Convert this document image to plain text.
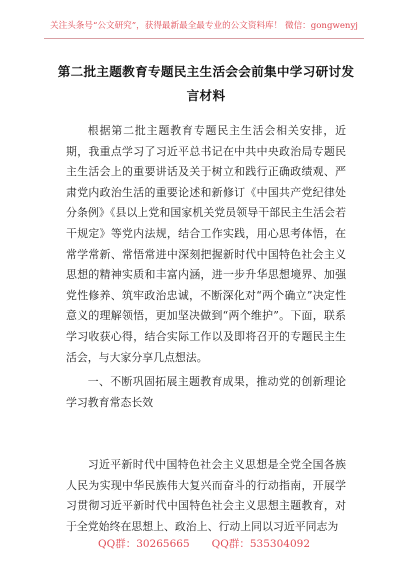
关注头条号“公文研究”，获得最新最全最专业的公文资料库！ 微信：gongwenyj
第二批主题教育专题民主生活会会前集中学习研讨发言材料

根据第二批主题教育专题民主生活会相关安排，近期，我重点学习了习近平总书记在中共中央政治局专题民主生活会上的重要讲话及关于树立和践行正确政绩观、严肃党内政治生活的重要论述和新修订《中国共产党纪律处分条例》《县以上党和国家机关党员领导干部民主生活会若干规定》等党内法规，结合工作实践，用心思考体悟，在常学常新、常悟常进中深刻把握新时代中国特色社会主义思想的精神实质和丰富内涵，进一步升华思想境界、加强党性修养、筑牢政治忠诚，不断深化对“两个确立”决定性意义的理解领悟，更加坚决做到“两个维护”。下面，联系学习收获心得，结合实际工作以及即将召开的专题民主生活会，与大家分享几点想法。

一、不断巩固拓展主题教育成果，推动党的创新理论学习教育常态长效

习近平新时代中国特色社会主义思想是全党全国各族人民为实现中华民族伟大复兴而奋斗的行动指南，开展学习贯彻习近平新时代中国特色社会主义思想主题教育，对于全党始终在思想上、政治上、行动上同以习近平同志为

QQ群：30265665 QQ群：535304092
